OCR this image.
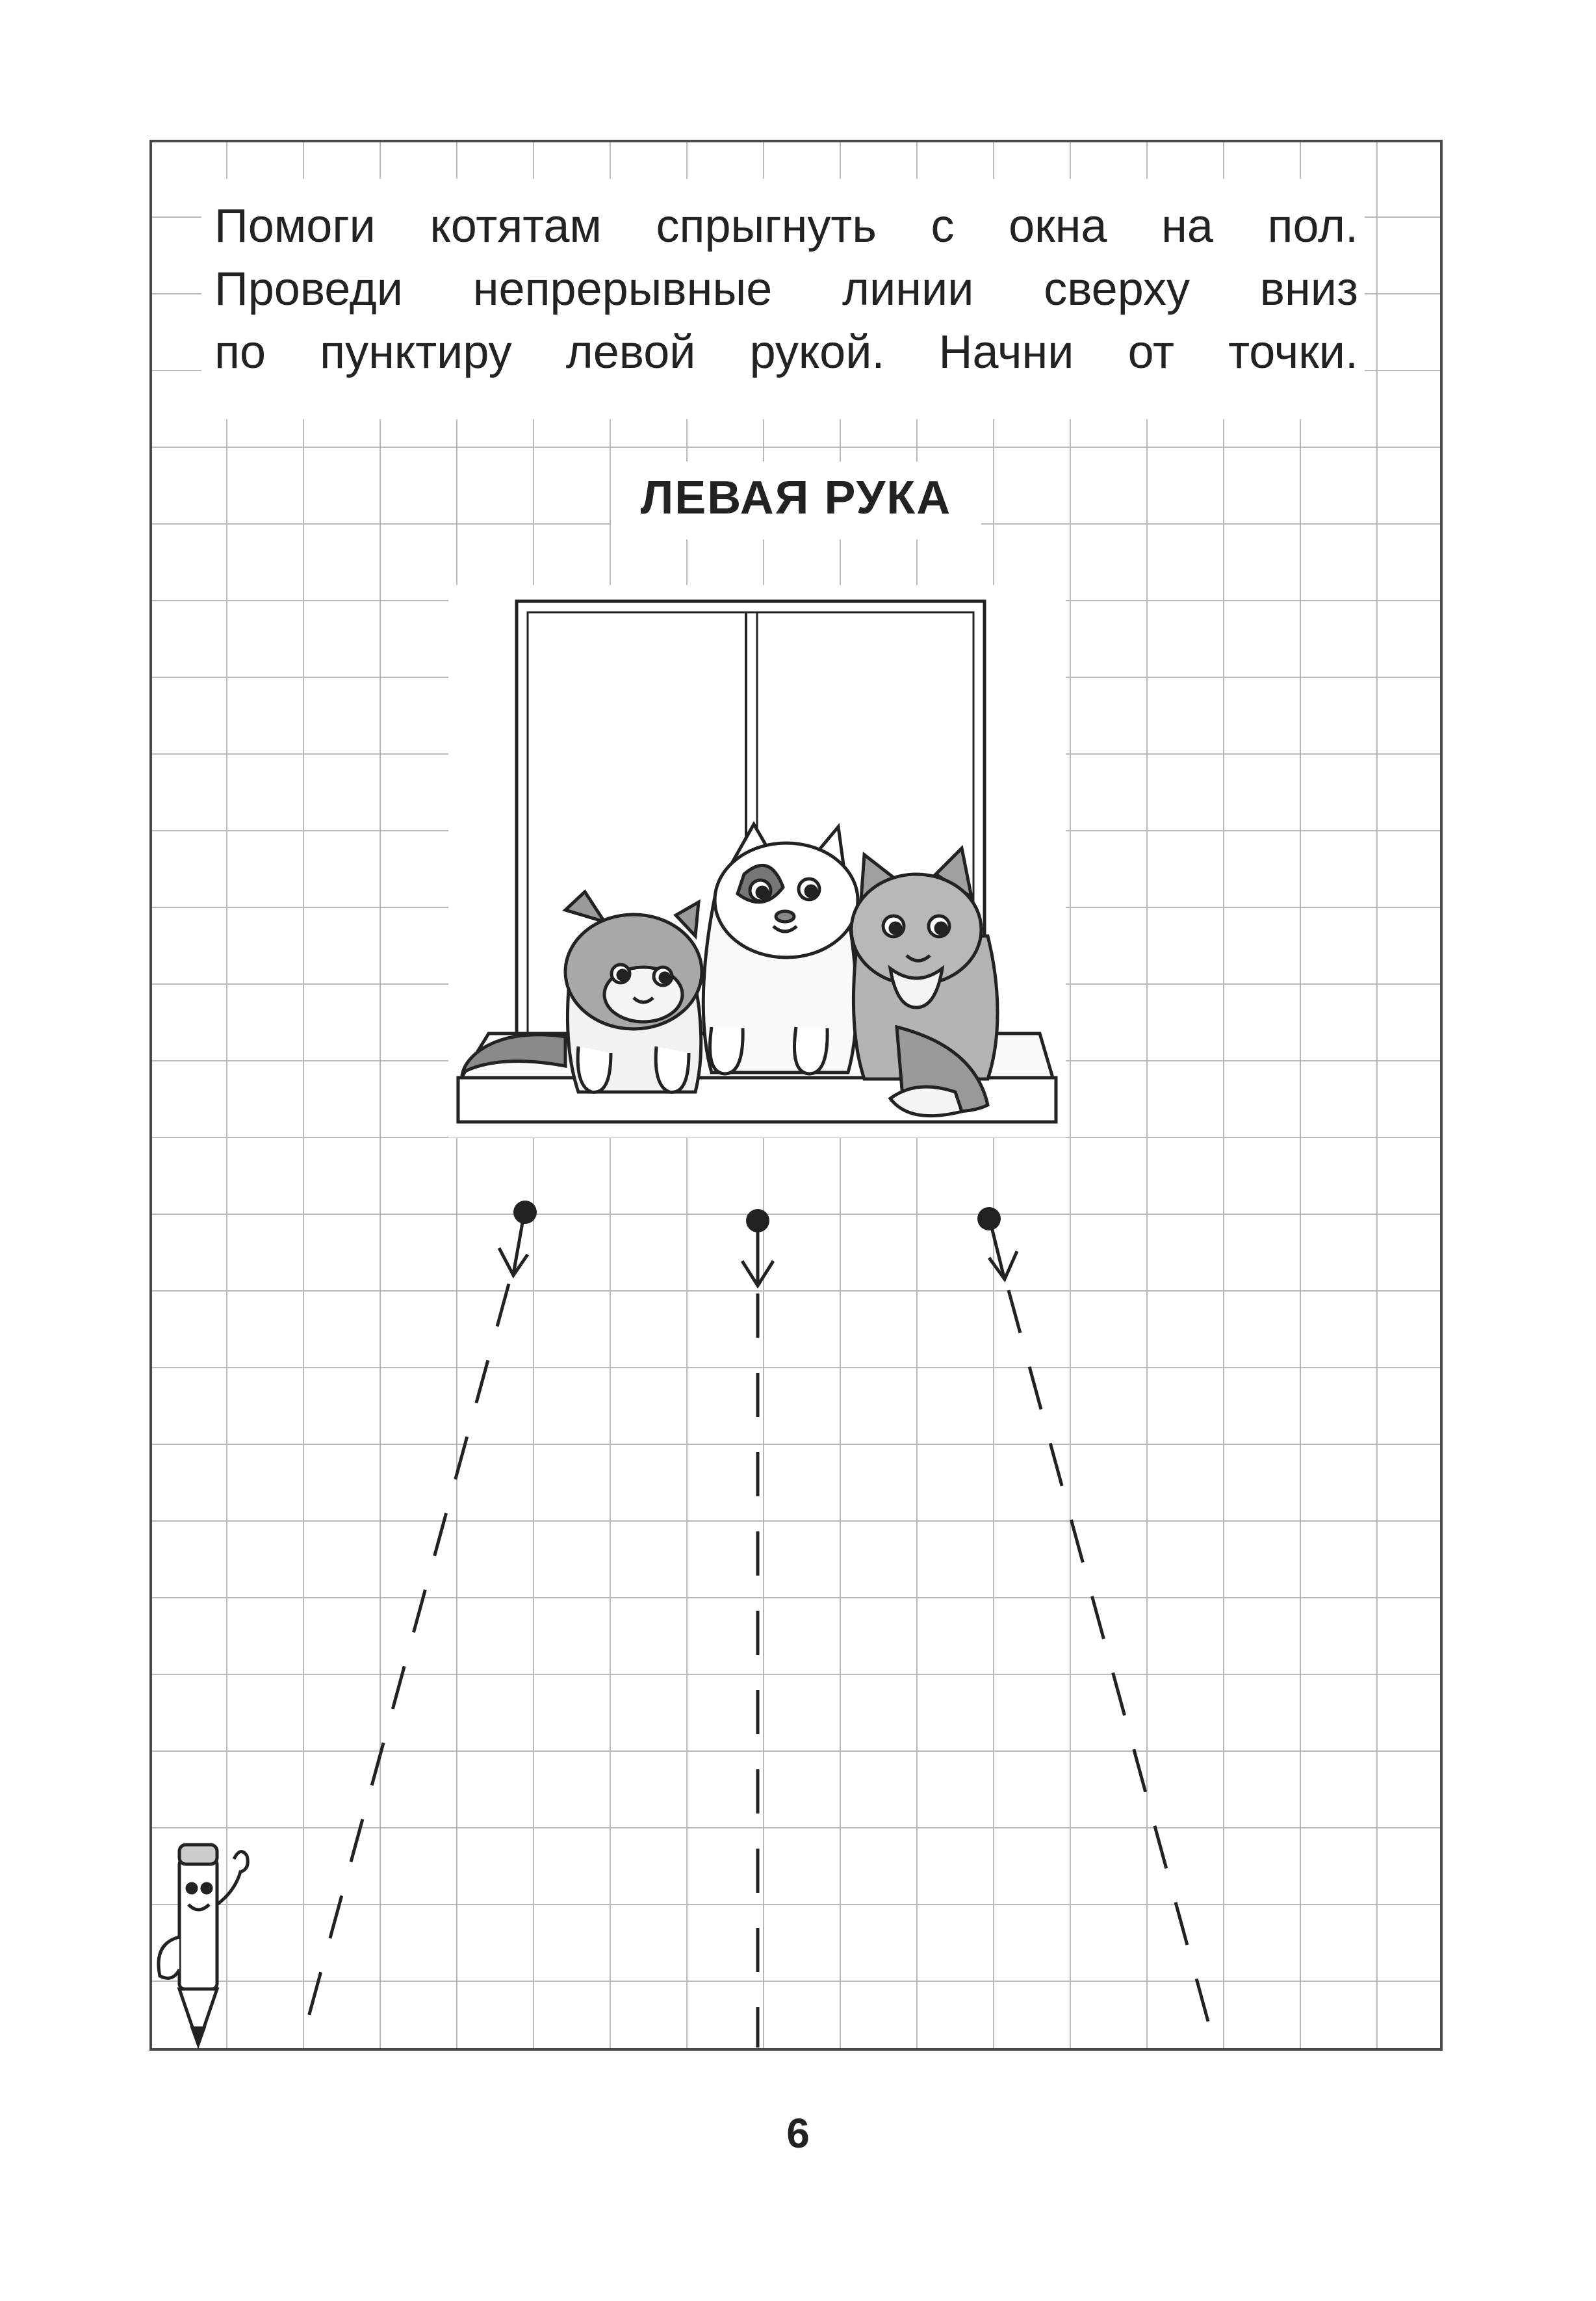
Помоги котятам спрыгнуть с окна на пол.
Проведи непрерывные линии сверху вниз
по пунктиру левой рукой. Начни от точки.
ЛЕВАЯ РУКА
6
